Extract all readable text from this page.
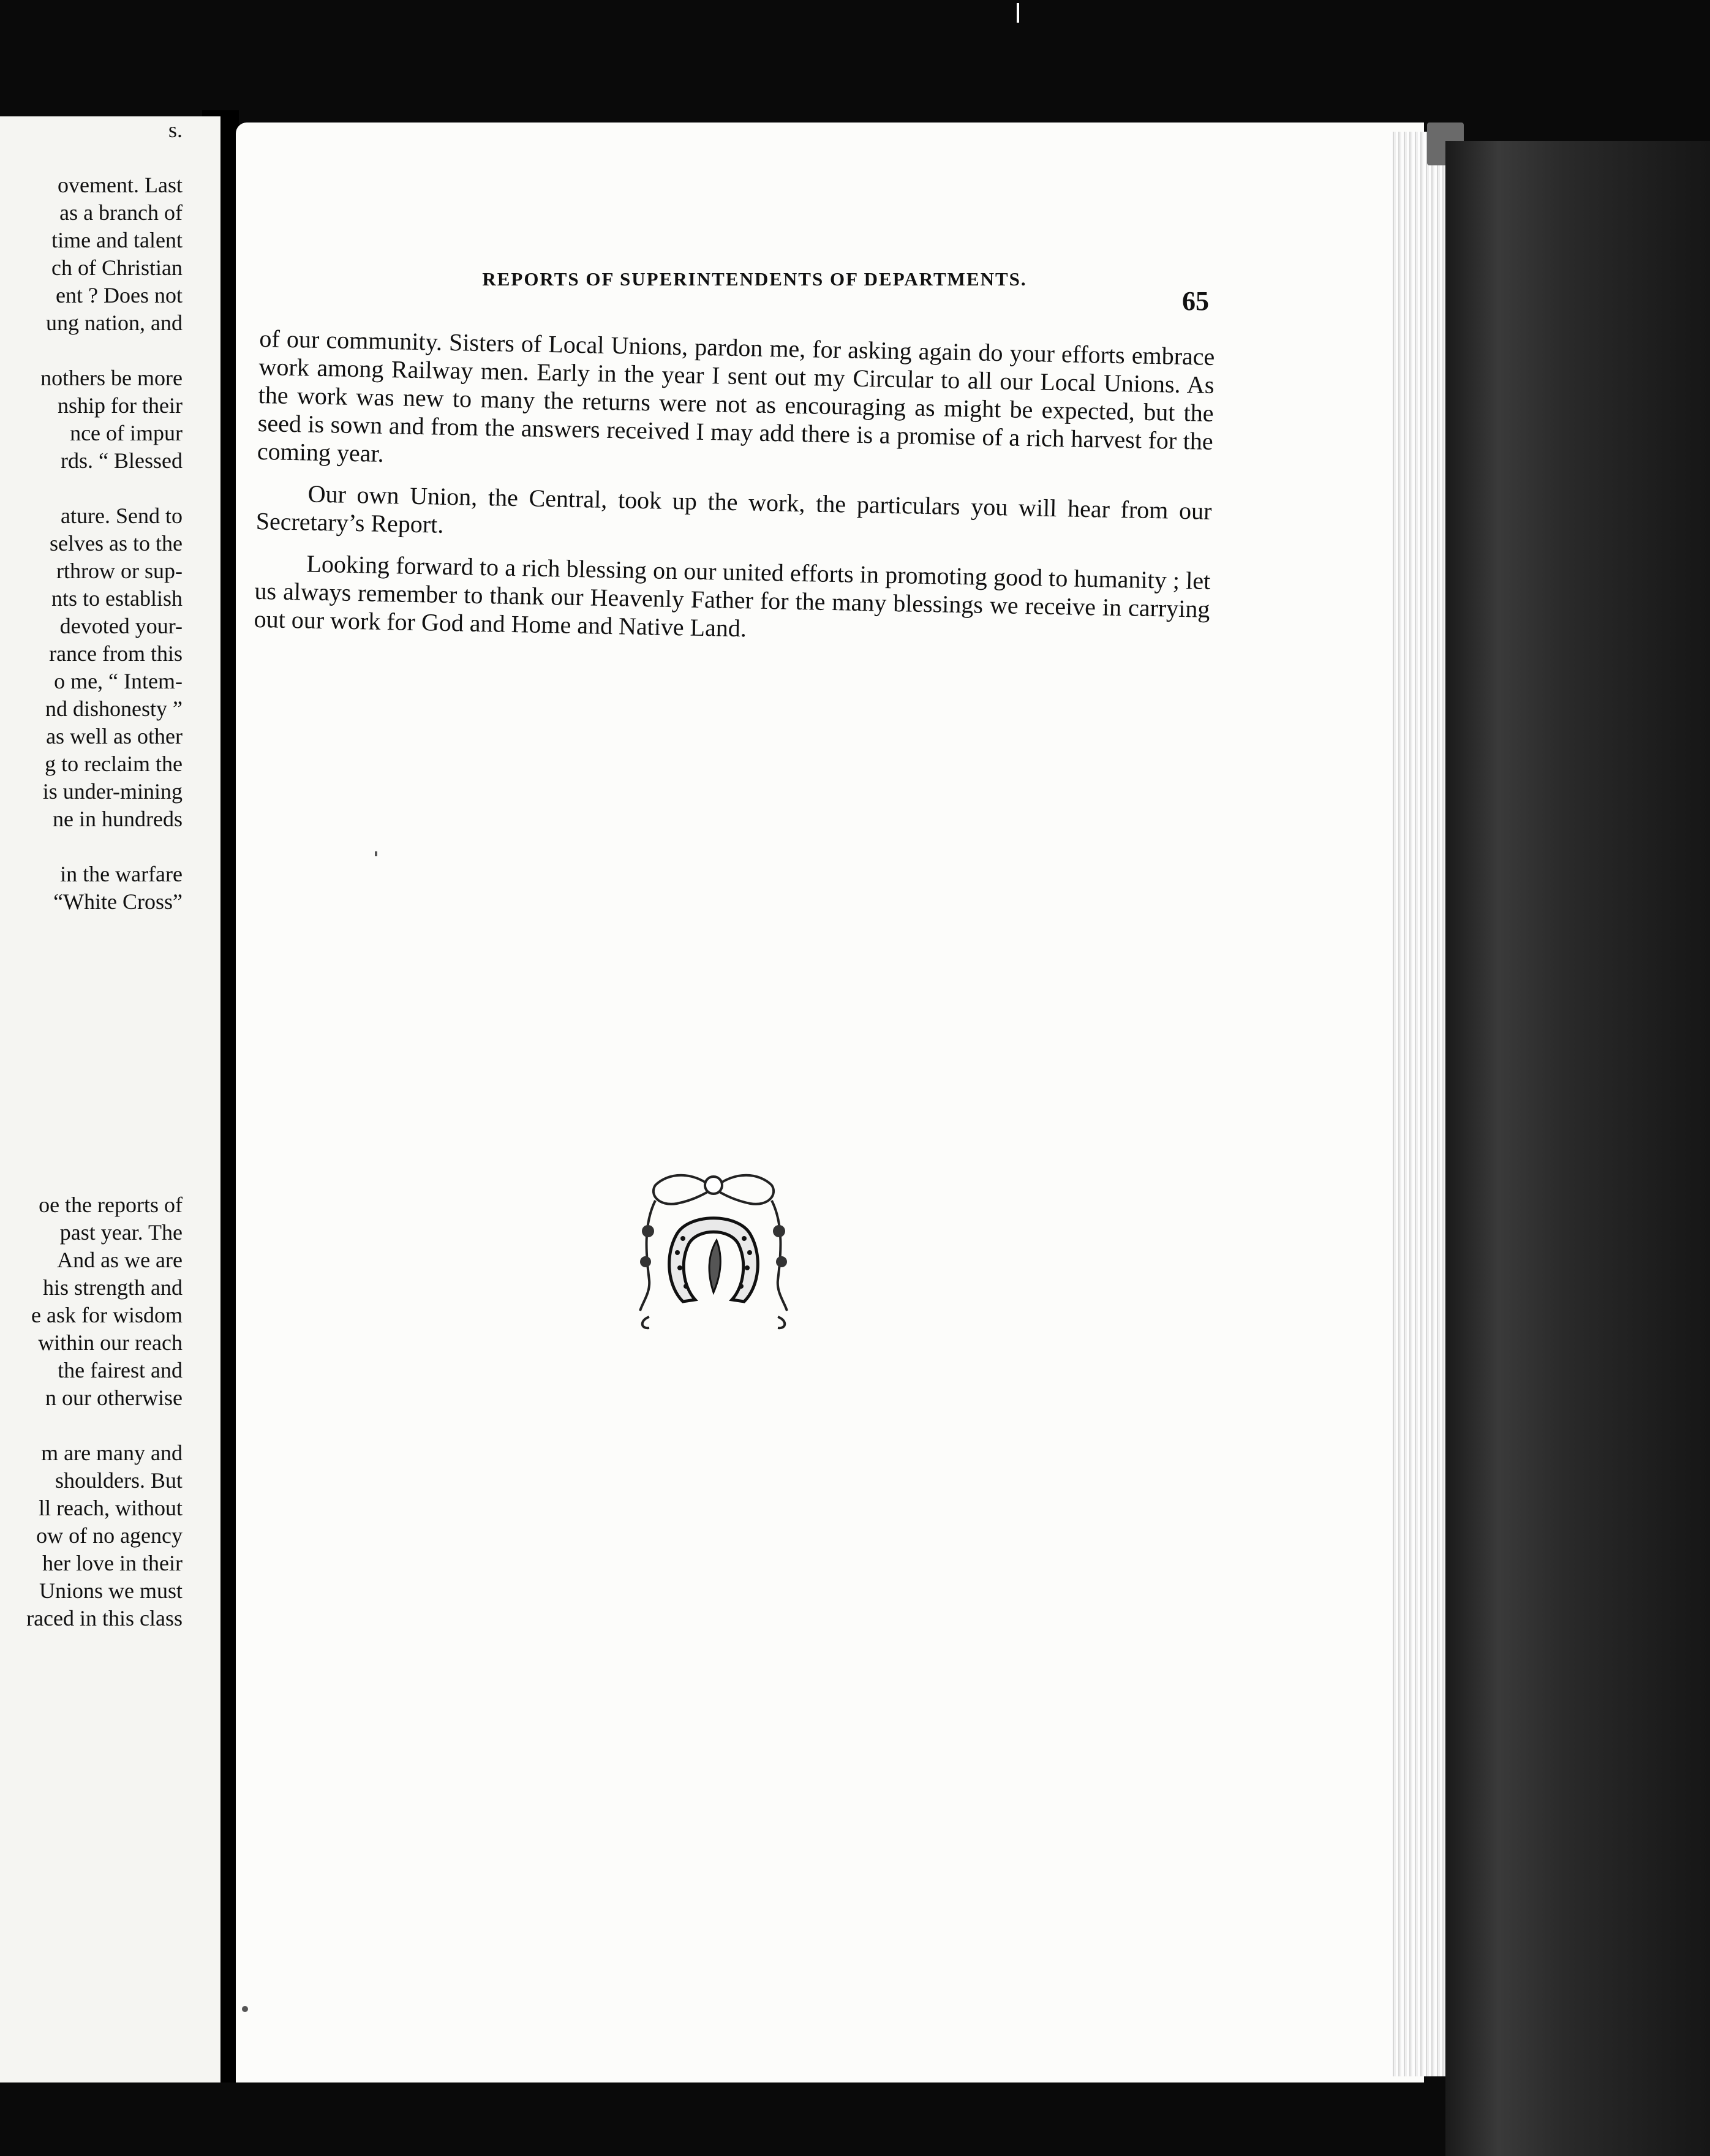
s.
ovement. Last
as a branch of
time and talent
ch of Christian
ent ? Does not
ung nation, and
nothers be more
nship for their
nce of impur
rds. “ Blessed
ature. Send to
selves as to the
rthrow or sup-
nts to establish
devoted your-
rance from this
o me, “ Intem-
nd dishonesty ”
as well as other
g to reclaim the
is under-mining
ne in hundreds
in the warfare
“White Cross”
oe the reports of
past year. The
And as we are
his strength and
e ask for wisdom
within our reach
the fairest and
n our otherwise
m are many and
shoulders. But
ll reach, without
ow of no agency
her love in their
Unions we must
raced in this class
REPORTS OF SUPERINTENDENTS OF DEPARTMENTS.
65

of our community. Sisters of Local Unions, pardon me, for asking again do your efforts embrace work among Railway men. Early in the year I sent out my Circular to all our Local Unions. As the work was new to many the returns were not as encouraging as might be expected, but the seed is sown and from the answers received I may add there is a promise of a rich harvest for the coming year.

Our own Union, the Central, took up the work, the particulars you will hear from our Secretary’s Report.

Looking forward to a rich blessing on our united efforts in promoting good to humanity ; let us always remember to thank our Heavenly Father for the many blessings we receive in carrying out our work for God and Home and Native Land.
